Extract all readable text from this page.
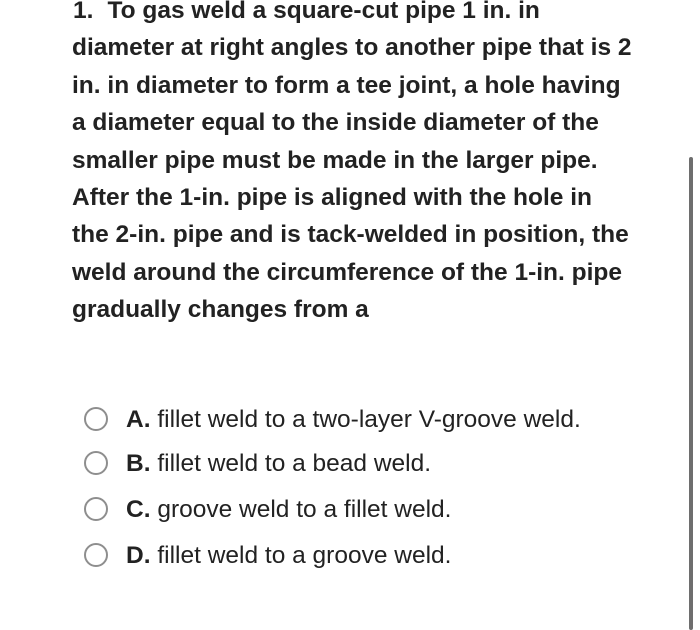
1. To gas weld a square-cut pipe 1 in. in diameter at right angles to another pipe that is 2 in. in diameter to form a tee joint, a hole having a diameter equal to the inside diameter of the smaller pipe must be made in the larger pipe. After the 1-in. pipe is aligned with the hole in the 2-in. pipe and is tack-welded in position, the weld around the circumference of the 1-in. pipe gradually changes from a
A. fillet weld to a two-layer V-groove weld.
B. fillet weld to a bead weld.
C. groove weld to a fillet weld.
D. fillet weld to a groove weld.
